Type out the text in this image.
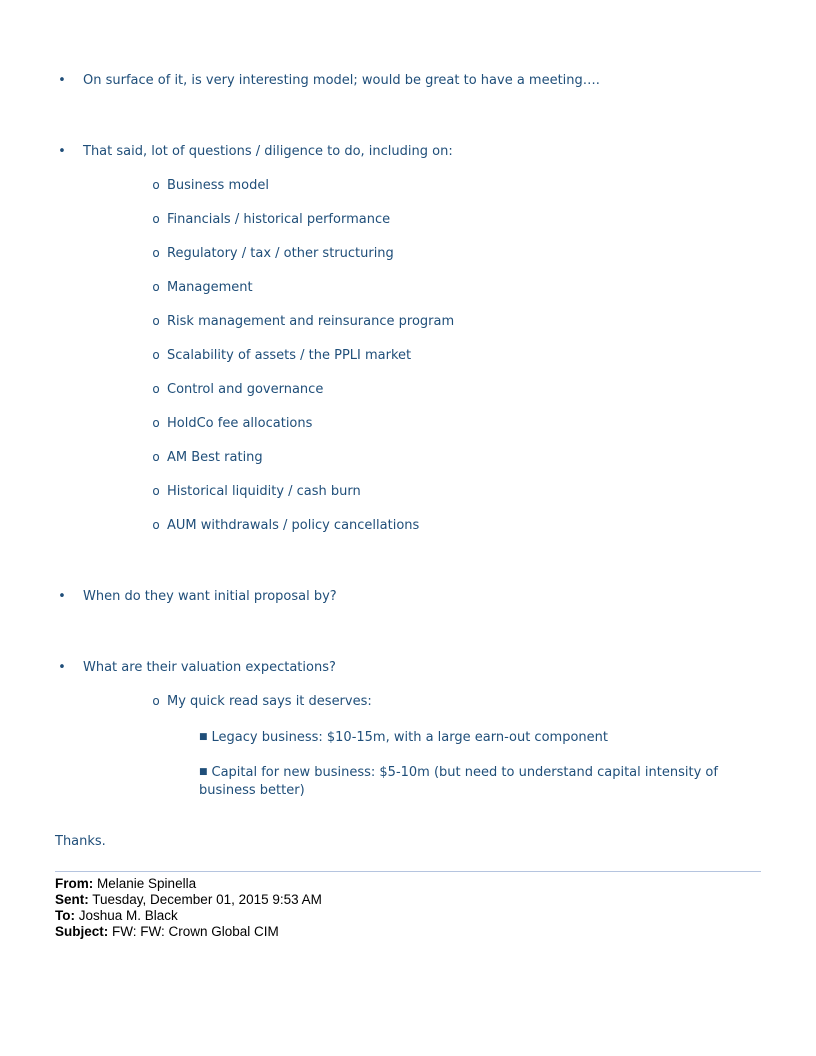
• On surface of it, is very interesting model; would be great to have a meeting….
• That said, lot of questions / diligence to do, including on:
o Business model
o Financials / historical performance
o Regulatory / tax / other structuring
o Management
o Risk management and reinsurance program
o Scalability of assets / the PPLI market
o Control and governance
o HoldCo fee allocations
o AM Best rating
o Historical liquidity / cash burn
o AUM withdrawals / policy cancellations
• When do they want initial proposal by?
• What are their valuation expectations?
o My quick read says it deserves:
■ Legacy business: $10-15m, with a large earn-out component
■ Capital for new business: $5-10m (but need to understand capital intensity of business better)
Thanks.
From: Melanie Spinella
Sent: Tuesday, December 01, 2015 9:53 AM
To: Joshua M. Black
Subject: FW: FW: Crown Global CIM
